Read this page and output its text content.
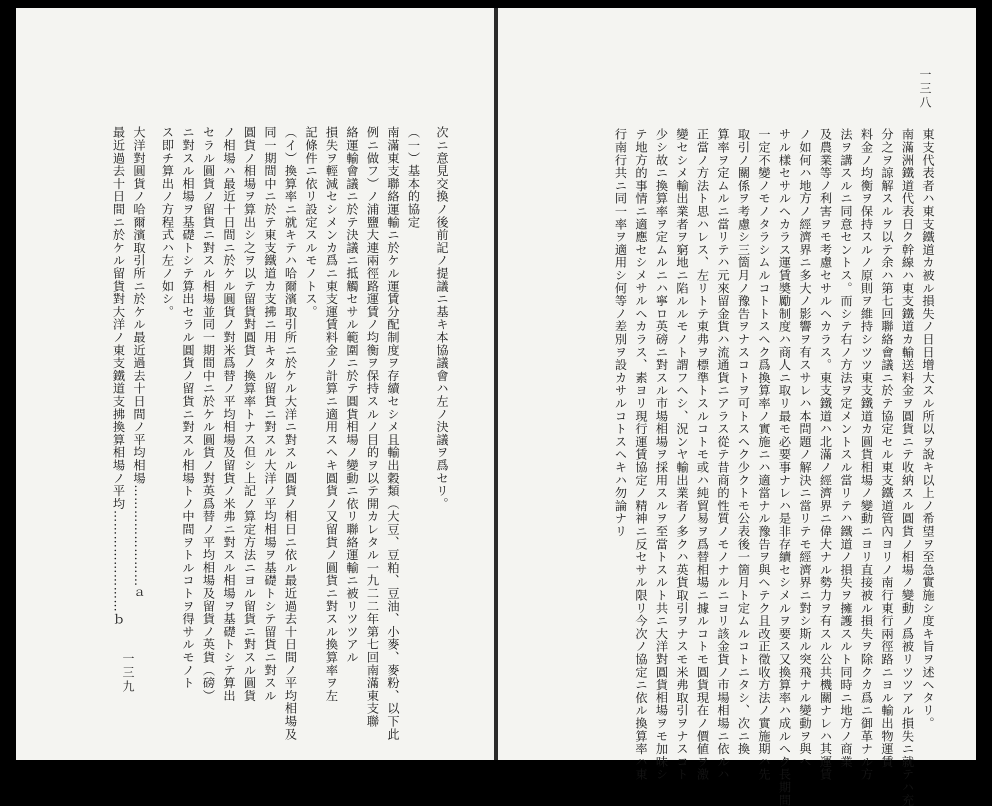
次ニ意見交換ノ後前記ノ提議ニ基キ本協議會ハ左ノ決議ヲ爲セリ。
（一）基本的協定
南滿東支聯絡運輸ニ於ケル運賃分配制度ヲ存續セシメ且輸出穀類（大豆、豆粕、豆油、小麥、麥粉、以下此
例ニ做フ）ノ浦鹽大連兩徑路運賃ノ均衡ヲ保持スルノ目的ヲ以テ開カレタル一九二二年第七回南滿東支聯
絡運輸會議ニ於テ決議ニ抵觸セサル範圍ニ於テ圓貨相場ノ變動ニ依リ聯絡運輸ニ被リツツアル
損失ヲ輕減セシメンカ爲ニ東支運賃料金ノ計算ニ適用スヘキ圓貨ノ又留貨ノ圓貨ニ對スル換算率ヲ左
記條件ニ依リ設定スルモノトス。
（イ）換算率ニ就キテハ哈爾濱取引所ニ於ケル大洋ニ對スル圓貨ノ相日ニ依ル最近過去十日間ノ平均相場及
同一期間中ニ於テ東支鐵道カ支拂ニ用キタル留貨ニ對スル大洋ノ平均相場ヲ基礎トシテ留貨ニ對スル
圓貨ノ相場ヲ算出シ之ヲ以テ留貨對圓貨ノ換算率トナス但シ上記ノ算定方法ニヨル留貨ニ對スル圓貨
ノ相場ハ最近十日間ニ於ケル圓貨ノ對米爲替ノ平均相場及留貨ノ米弗ニ對スル相場ヲ基礎トシテ算出
セラル圓貨ノ留貨ニ對スル相場並同一期間中ニ於ケル圓貨ノ對英爲替ノ平均相場及留貨ノ英貨（磅）
ニ對スル相場ヲ基礎トシテ算出セラル圓貨ノ留貨ニ對スル相場トノ中間ヲトルコトヲ得サルモノト
ス即チ算出ノ方程式ハ左ノ如シ。
大洋對圓貨ノ哈爾濱取引所ニ於ケル最近過去十日間ノ平均相場……………………ａ
最近過去十日間ニ於ケル留貨對大洋ノ東支鐵道支拂換算相場ノ平均……………………ｂ
一三九
一三八
東支代表者ハ東支鐵道カ被ル損失ノ日日增大スル所以ヲ說キ以上ノ希望ヲ至急實施シ度キ旨ヲ述ヘタリ。
南滿洲鐵道代表日ク幹線ハ東支鐵道カ輸送料金ヲ圓貨ニテ收納スル圓貨ノ相場ノ變動ノ爲被リツツアル損失ニ就テハ充
分之ヲ諒解スルヲ以テ余ハ第七回聯絡會議ニ於テ協定セル東支鐵道管內ヨリノ南行東行兩徑路ニヨル輸出物運賃
料金ノ均衡ヲ保持スルノ原則ヲ維持シツツ東支鐵道カ圓貨相場ノ變動ニヨリ直接被ル損失ヲ除クカ爲ニ御革ナル方
法ヲ講スルニ同意セントス。而シテ右ノ方法ヲ定メントスル當リテハ鐵道ノ損失ヲ擁護スルト同時ニ地方ノ商業
及農業等ノ利害ヲモ考慮セサルヘカラス。東支鐵道ハ北滿ノ經濟界ニ偉大ナル勢力ヲ有スル公共機關ナレハ其運賃
ノ如何ハ地方ノ經濟界ニ多大ノ影響ヲ有スサレハ本問題ノ解決ニ當リテモ經濟界ニ對シ斯ル突飛ナル變動ヲ與ヘ
サル樣セサルヘカラス運賃奬勵制度ハ商人ニ取リ最モ必要事ナレハ是非存續セシメルヲ要ス又換算率ハ成ルヘク長期間
一定不變ノモノタラシムルコトトスヘク爲換算率ノ實施ニハ適當ナル豫告ヲ與ヘテク且改正徵收方法ノ實施期ハ先
取引ノ關係ヲ考慮シ三箇月ノ豫告ヲナスコトヲ可トスヘク少クトモ公表後一箇月ト定ムルコトニタシ、次ニ換
算率ヲ定ムルニ當リテハ元來留金貨ハ流通貨ニアラス從テ昔商的性質ノモノナルニヨリ該金貨ノ市場相場ニ依ルハ
正當ノ方法ト思ハレス、左リトテ東弗ヲ標準トスルコトモ或ハ純貿易ヲ爲替相場ニ據ルコトモ圓貨現在ノ價値ヲ激
變セシメ輸出業者ヲ窮地ニ陷ルルモノト謂フヘシ、況ンヤ輸出業者ノ多クハ英貨取引ヲナスモ米弗取引ヲナスコト
少シ故ニ換算率ヲ定ムルニハ寧ロ英磅ニ對スル市場相場ヲ採用スルヲ至當トスルト共ニ大洋對圓貨相場ヲモ加味シ
テ地方的事情ニ適應セシメサルヘカラス、素ヨリ現行運賃協定ノ精神ニ反セサル限リ今次ノ協定ニ依ル換算率ハ東
行南行共ニ同一率ヲ適用シ何等ノ差別ヲ設カサルコトスヘキハ勿論ナリ
